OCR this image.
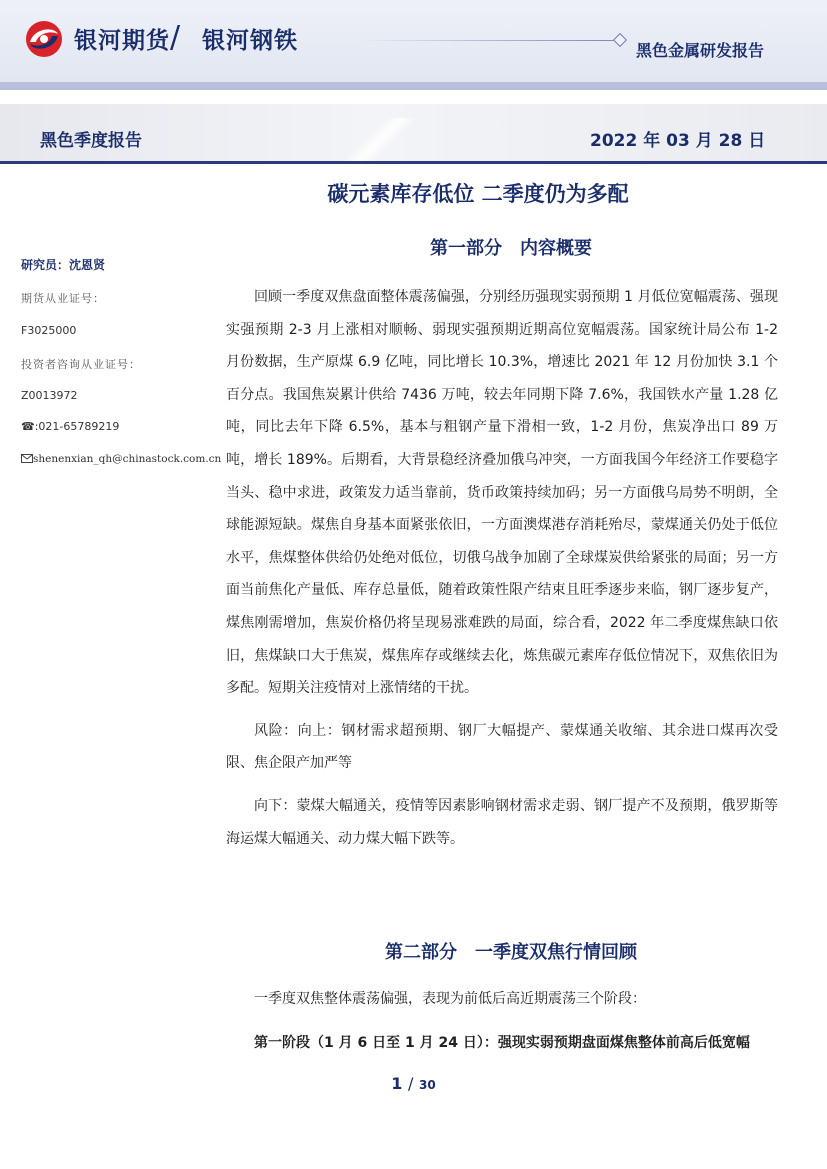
银河期货 / 银河钢铁	黑色金属研发报告
黑色季度报告	2022 年 03 月 28 日
碳元素库存低位 二季度仍为多配
第一部分　内容概要
研究员：沈恩贤
期货从业证号：
F3025000
投资者咨询从业证号：
Z0013972
☎:021-65789219
shenenxian_qh@chinastock.com.cn

回顾一季度双焦盘面整体震荡偏强，分别经历强现实弱预期 1 月低位宽幅震荡、强现实强预期 2-3 月上涨相对顺畅、弱现实强预期近期高位宽幅震荡。国家统计局公布 1-2 月份数据，生产原煤 6.9 亿吨，同比增长 10.3%，增速比 2021 年 12 月份加快 3.1 个百分点。我国焦炭累计供给 7436 万吨，较去年同期下降 7.6%，我国铁水产量 1.28 亿吨，同比去年下降 6.5%，基本与粗钢产量下滑相一致，1-2 月份，焦炭净出口 89 万吨，增长 189%。后期看，大背景稳经济叠加俄乌冲突，一方面我国今年经济工作要稳字当头、稳中求进，政策发力适当靠前，货币政策持续加码；另一方面俄乌局势不明朗，全球能源短缺。煤焦自身基本面紧张依旧，一方面澳煤港存消耗殆尽，蒙煤通关仍处于低位水平，焦煤整体供给仍处绝对低位，切俄乌战争加剧了全球煤炭供给紧张的局面；另一方面当前焦化产量低、库存总量低，随着政策性限产结束且旺季逐步来临，钢厂逐步复产，煤焦刚需增加，焦炭价格仍将呈现易涨难跌的局面，综合看，2022 年二季度煤焦缺口依旧，焦煤缺口大于焦炭，煤焦库存或继续去化，炼焦碳元素库存低位情况下，双焦依旧为多配。短期关注疫情对上涨情绪的干扰。

风险：向上：钢材需求超预期、钢厂大幅提产、蒙煤通关收缩、其余进口煤再次受限、焦企限产加严等

向下：蒙煤大幅通关，疫情等因素影响钢材需求走弱、钢厂提产不及预期，俄罗斯等海运煤大幅通关、动力煤大幅下跌等。

第二部分　一季度双焦行情回顾

一季度双焦整体震荡偏强，表现为前低后高近期震荡三个阶段：

第一阶段（1 月 6 日至 1 月 24 日）：强现实弱预期盘面煤焦整体前高后低宽幅

1 / 30
